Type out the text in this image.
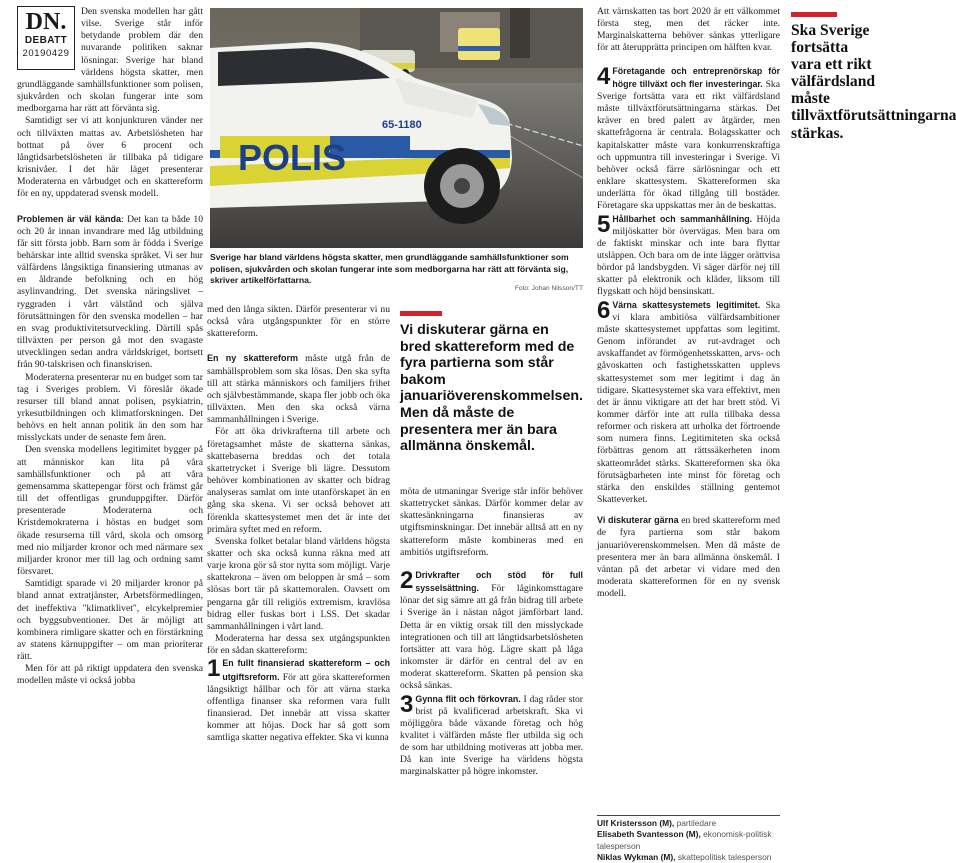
DN.
DEBATT
20190429

Den svenska modellen har gått vilse. Sverige står inför betydande problem där den nuvarande politiken saknar lösningar. Sverige har bland världens högsta skatter, men grundläggande samhällsfunktioner som polisen, sjukvården och skolan fungerar inte som medborgarna har rätt att förvänta sig.

Samtidigt ser vi att konjunkturen vänder ner och tillväxten mattas av. Arbetslösheten har bottnat på över 6 procent och långtidsarbetslösheten är tillbaka på tidigare krisnivåer. I det här läget presenterar Moderaterna en vårbudget och en skattereform för en ny, uppdaterad svensk modell.

Problemen är väl kända: Det kan ta både 10 och 20 år innan invandrare med låg utbildning får sitt första jobb. Barn som är födda i Sverige behärskar inte alltid svenska språket. Vi ser hur välfärdens långsiktiga finansiering utmanas av en åldrande befolkning och en hög asylinvandring. Det svenska näringslivet – ryggraden i vårt välstånd och själva förutsättningen för den svenska modellen – har en svag produktivitetsutveckling. Därtill spås tillväxten per person gå mot den svagaste utvecklingen sedan andra världskriget, bortsett från 90-talskrisen och finanskrisen.

Moderaterna presenterar nu en budget som tar tag i Sveriges problem. Vi föreslår ökade resurser till bland annat polisen, psykiatrin, yrkesutbildningen och klimatforskningen. Det behövs en helt annan politik än den som har misslyckats under de senaste fem åren.

Den svenska modellens legitimitet bygger på att människor kan lita på våra samhällsfunktioner och på att våra gemensamma skattepengar först och främst går till det offentligas grunduppgifter. Därför presenterade Moderaterna och Kristdemokraterna i höstas en budget som ökade resurserna till vård, skola och omsorg med nio miljarder kronor och med närmare sex miljarder kronor mer till lag och ordning samt försvaret.

Samtidigt sparade vi 20 miljarder kronor på bland annat extratjänster, Arbetsförmedlingen, det ineffektiva "klimatklivet", elcykelpremier och byggsubventioner. Det är möjligt att kombinera rimligare skatter och en förstärkning av statens kärnuppgifter – om man prioriterar rätt.

Men för att på riktigt uppdatera den svenska modellen måste vi också jobba

POLIS
65-1180
Sverige har bland världens högsta skatter, men grundläggande samhällsfunktioner som polisen, sjukvården och skolan fungerar inte som medborgarna har rätt att förvänta sig, skriver artikelförfattarna.
Foto: Johan Nilsson/TT

med den långa sikten. Därför presenterar vi nu också våra utgångspunkter för en större skattereform.

En ny skattereform måste utgå från de samhällsproblem som ska lösas. Den ska syfta till att stärka människors och familjers frihet och självbestämmande, skapa fler jobb och öka tillväxten. Men den ska också värna sammanhållningen i Sverige.

För att öka drivkrafterna till arbete och företagsamhet måste de skatterna sänkas, skattebaserna breddas och det totala skattetrycket i Sverige bli lägre. Dessutom behöver kombinationen av skatter och bidrag analyseras samlat om inte utanförskapet än en gång ska skena. Vi ser också behovet att förenkla skattesystemet men det är inte det primära syftet med en reform.

Svenska folket betalar bland världens högsta skatter och ska också kunna räkna med att varje krona gör så stor nytta som möjligt. Varje skattekrona – även om beloppen är små – som slösas bort tär på skattemoralen. Oavsett om pengarna går till religiös extremism, kravlösa bidrag eller fuskas bort i LSS. Det skadar sammanhållningen i vårt land.

Moderaterna har dessa sex utgångspunkten för en sådan skattereform:

1 En fullt finansierad skattereform – och utgiftsreform. För att göra skattereformen långsiktigt hållbar och för att värna starka offentliga finanser ska reformen vara fullt finansierad. Det innebär att vissa skatter kommer att höjas. Dock har så gott som samtliga skatter negativa effekter. Ska vi kunna

Vi diskuterar gärna en bred skattereform med de fyra partierna som står bakom januariöverenskommelsen. Men då måste de presentera mer än bara allmänna önskemål.

möta de utmaningar Sverige står inför behöver skattetrycket sänkas. Därför kommer delar av skattesänkningarna finansieras av utgiftsminskningar. Det innebär alltså att en ny skattereform måste kombineras med en ambitiös utgiftsreform.

2 Drivkrafter och stöd för full sysselsättning. För låginkomsttagare lönar det sig sämre att gå från bidrag till arbete i Sverige än i nästan något jämförbart land. Detta är en viktig orsak till den misslyckade integrationen och till att långtidsarbetslösheten fortsätter att vara hög. Lägre skatt på låga inkomster är därför en central del av en moderat skattereform. Skatten på pension ska också sänkas.

3 Gynna flit och förkovran. I dag råder stor brist på kvalificerad arbetskraft. Ska vi möjliggöra både växande företag och hög kvalitet i välfärden måste fler utbilda sig och de som har utbildning motiveras att jobba mer. Då kan inte Sverige ha världens högsta marginalskatter på högre inkomster.

Att värnskatten tas bort 2020 är ett välkommet första steg, men det räcker inte. Marginalskatterna behöver sänkas ytterligare för att återupprätta principen om hälften kvar.

4 Företagande och entreprenörskap för högre tillväxt och fler investeringar. Ska Sverige fortsätta vara ett rikt välfärdsland måste tillväxtförutsättningarna stärkas. Det kräver en bred palett av åtgärder, men skattefrågorna är centrala. Bolagsskatter och kapitalskatter måste vara konkurrenskraftiga och uppmuntra till investeringar i Sverige. Vi behöver också färre särlösningar och ett enklare skattesystem. Skattereformen ska underlätta för ökad tillgång till bostäder. Företagare ska uppskattas mer än de beskattas.

5 Hållbarhet och sammanhållning. Höjda miljöskatter bör övervägas. Men bara om de faktiskt minskar och inte bara flyttar utsläppen. Och bara om de inte lägger orättvisa bördor på landsbygden. Vi säger därför nej till skatter på elektronik och kläder, liksom till flygskatt och höjd bensinskatt.

6 Värna skattesystemets legitimitet. Ska vi klara ambitiösa välfärdsambitioner måste skattesystemet uppfattas som legitimt. Genom införandet av rut-avdraget och avskaffandet av förmögenhetsskatten, arvs- och gåvoskatten och fastighetsskatten upplevs skattesystemet som mer legitimt i dag än tidigare. Skattesystemet ska vara effektivt, men det är ännu viktigare att det har brett stöd. Vi kommer därför inte att rulla tillbaka dessa reformer och riskera att urholka det förtroende som numera finns. Legitimiteten ska också förbättras genom att rättssäkerheten inom skatteområdet stärks. Skattereformen ska öka förutsägbarheten inte minst för företag och stärka den enskildes ställning gentemot Skatteverket.

Vi diskuterar gärna en bred skattereform med de fyra partierna som står bakom januariöverenskommelsen. Men då måste de presentera mer än bara allmänna önskemål. I väntan på det arbetar vi vidare med den moderata skattereformen för en ny svensk modell.

Ulf Kristersson (M), partiledare
Elisabeth Svantesson (M), ekonomisk-politisk talesperson
Niklas Wykman (M), skattepolitisk talesperson
Ska Sverige fortsätta vara ett rikt välfärdsland måste tillväxtförutsättningarna stärkas.
